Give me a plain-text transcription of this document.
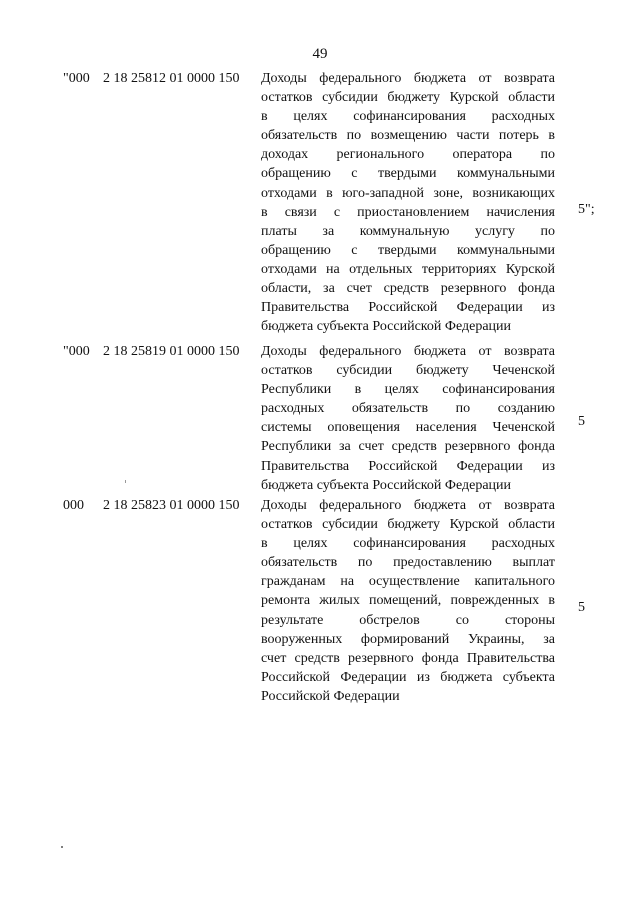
49
"000 2 18 25812 01 0000 150 Доходы федерального бюджета от возврата
остатков субсидии бюджету Курской области
в целях софинансирования расходных
обязательств по возмещению части потерь в
доходах регионального оператора по
обращению с твердыми коммунальными
отходами в юго-западной зоне, возникающих
в связи с приостановлением начисления
платы за коммунальную услугу по
обращению с твердыми коммунальными
отходами на отдельных территориях Курской
области, за счет средств резервного фонда
Правительства Российской Федерации из
бюджета субъекта Российской Федерации
5";
"000 2 18 25819 01 0000 150 Доходы федерального бюджета от возврата
остатков субсидии бюджету Чеченской
Республики в целях софинансирования
расходных обязательств по созданию
системы оповещения населения Чеченской
Республики за счет средств резервного фонда
Правительства Российской Федерации из
бюджета субъекта Российской Федерации
5
000 2 18 25823 01 0000 150 Доходы федерального бюджета от возврата
остатков субсидии бюджету Курской области
в целях софинансирования расходных
обязательств по предоставлению выплат
гражданам на осуществление капитального
ремонта жилых помещений, поврежденных в
результате обстрелов со стороны
вооруженных формирований Украины, за
счет средств резервного фонда Правительства
Российской Федерации из бюджета субъекта
Российской Федерации
5
